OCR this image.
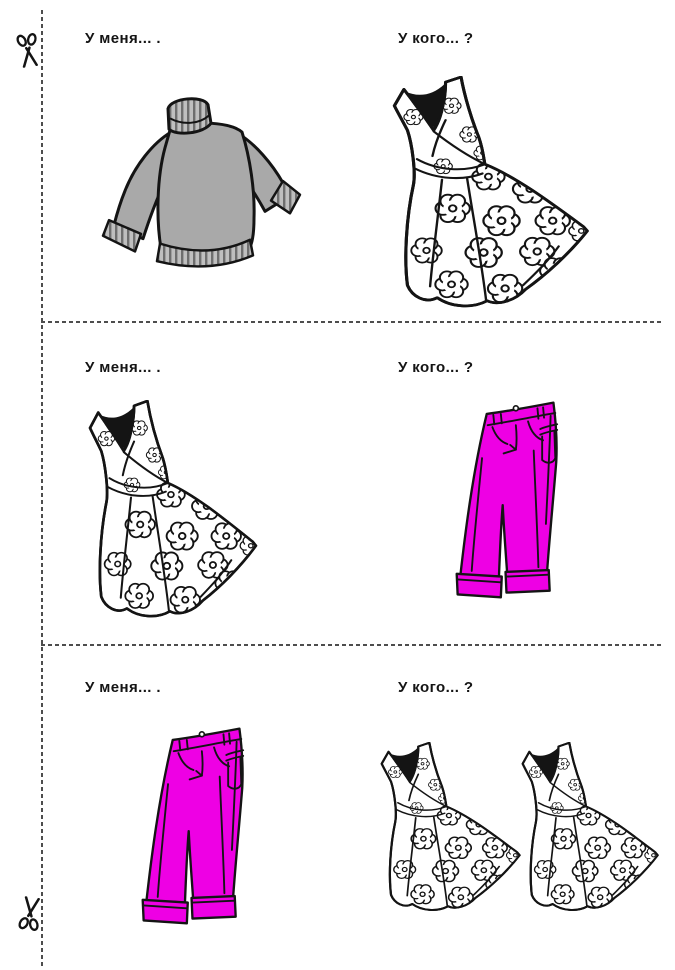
У меня... .	У кого... ?
У меня... .	У кого... ?
У меня... .	У кого... ?
